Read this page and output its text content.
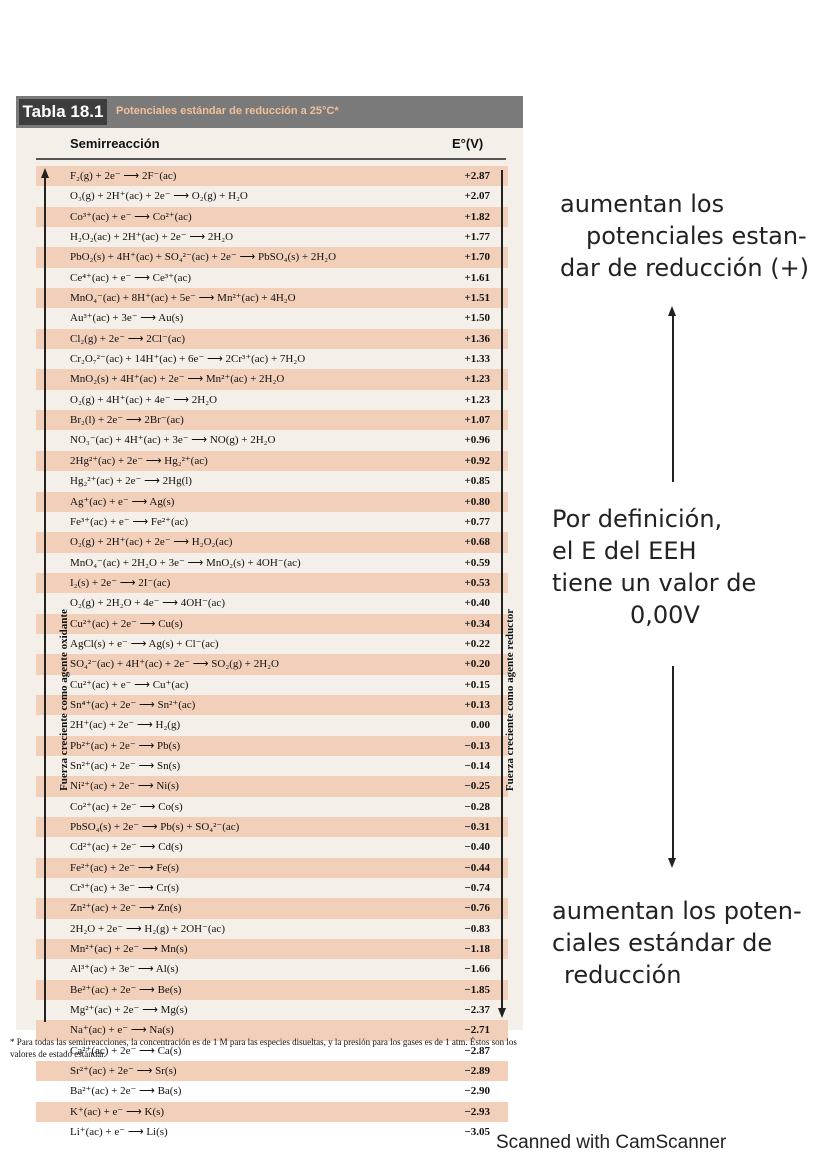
Tabla 18.1	Potenciales estándar de reducción a 25°C*
Semirreacción	E°(V)
F₂(g) + 2e⁻ ⟶ 2F⁻(ac)	+2.87
O₃(g) + 2H⁺(ac) + 2e⁻ ⟶ O₂(g) + H₂O	+2.07
Co³⁺(ac) + e⁻ ⟶ Co²⁺(ac)	+1.82
H₂O₂(ac) + 2H⁺(ac) + 2e⁻ ⟶ 2H₂O	+1.77
PbO₂(s) + 4H⁺(ac) + SO₄²⁻(ac) + 2e⁻ ⟶ PbSO₄(s) + 2H₂O	+1.70
Ce⁴⁺(ac) + e⁻ ⟶ Ce³⁺(ac)	+1.61
MnO₄⁻(ac) + 8H⁺(ac) + 5e⁻ ⟶ Mn²⁺(ac) + 4H₂O	+1.51
Au³⁺(ac) + 3e⁻ ⟶ Au(s)	+1.50
Cl₂(g) + 2e⁻ ⟶ 2Cl⁻(ac)	+1.36
Cr₂O₇²⁻(ac) + 14H⁺(ac) + 6e⁻ ⟶ 2Cr³⁺(ac) + 7H₂O	+1.33
MnO₂(s) + 4H⁺(ac) + 2e⁻ ⟶ Mn²⁺(ac) + 2H₂O	+1.23
O₂(g) + 4H⁺(ac) + 4e⁻ ⟶ 2H₂O	+1.23
Br₂(l) + 2e⁻ ⟶ 2Br⁻(ac)	+1.07
NO₃⁻(ac) + 4H⁺(ac) + 3e⁻ ⟶ NO(g) + 2H₂O	+0.96
2Hg²⁺(ac) + 2e⁻ ⟶ Hg₂²⁺(ac)	+0.92
Hg₂²⁺(ac) + 2e⁻ ⟶ 2Hg(l)	+0.85
Ag⁺(ac) + e⁻ ⟶ Ag(s)	+0.80
Fe³⁺(ac) + e⁻ ⟶ Fe²⁺(ac)	+0.77
O₂(g) + 2H⁺(ac) + 2e⁻ ⟶ H₂O₂(ac)	+0.68
MnO₄⁻(ac) + 2H₂O + 3e⁻ ⟶ MnO₂(s) + 4OH⁻(ac)	+0.59
I₂(s) + 2e⁻ ⟶ 2I⁻(ac)	+0.53
O₂(g) + 2H₂O + 4e⁻ ⟶ 4OH⁻(ac)	+0.40
Cu²⁺(ac) + 2e⁻ ⟶ Cu(s)	+0.34
AgCl(s) + e⁻ ⟶ Ag(s) + Cl⁻(ac)	+0.22
SO₄²⁻(ac) + 4H⁺(ac) + 2e⁻ ⟶ SO₂(g) + 2H₂O	+0.20
Cu²⁺(ac) + e⁻ ⟶ Cu⁺(ac)	+0.15
Sn⁴⁺(ac) + 2e⁻ ⟶ Sn²⁺(ac)	+0.13
2H⁺(ac) + 2e⁻ ⟶ H₂(g)	0.00
Pb²⁺(ac) + 2e⁻ ⟶ Pb(s)	−0.13
Sn²⁺(ac) + 2e⁻ ⟶ Sn(s)	−0.14
Ni²⁺(ac) + 2e⁻ ⟶ Ni(s)	−0.25
Co²⁺(ac) + 2e⁻ ⟶ Co(s)	−0.28
PbSO₄(s) + 2e⁻ ⟶ Pb(s) + SO₄²⁻(ac)	−0.31
Cd²⁺(ac) + 2e⁻ ⟶ Cd(s)	−0.40
Fe²⁺(ac) + 2e⁻ ⟶ Fe(s)	−0.44
Cr³⁺(ac) + 3e⁻ ⟶ Cr(s)	−0.74
Zn²⁺(ac) + 2e⁻ ⟶ Zn(s)	−0.76
2H₂O + 2e⁻ ⟶ H₂(g) + 2OH⁻(ac)	−0.83
Mn²⁺(ac) + 2e⁻ ⟶ Mn(s)	−1.18
Al³⁺(ac) + 3e⁻ ⟶ Al(s)	−1.66
Be²⁺(ac) + 2e⁻ ⟶ Be(s)	−1.85
Mg²⁺(ac) + 2e⁻ ⟶ Mg(s)	−2.37
Na⁺(ac) + e⁻ ⟶ Na(s)	−2.71
Ca²⁺(ac) + 2e⁻ ⟶ Ca(s)	−2.87
Sr²⁺(ac) + 2e⁻ ⟶ Sr(s)	−2.89
Ba²⁺(ac) + 2e⁻ ⟶ Ba(s)	−2.90
K⁺(ac) + e⁻ ⟶ K(s)	−2.93
Li⁺(ac) + e⁻ ⟶ Li(s)	−3.05
Fuerza creciente como agente oxidante	Fuerza creciente como agente reductor
* Para todas las semirreacciones, la concentración es de 1 M para las especies disueltas, y la presión para los gases es de 1 atm. Éstos son los valores de estado estándar.
aumentan los
potenciales estan-
dar de reducción (+)
Por definición,
el E del EEH
tiene un valor de
0,00V
aumentan los poten-
ciales estándar de
reducción
Scanned with CamScanner
